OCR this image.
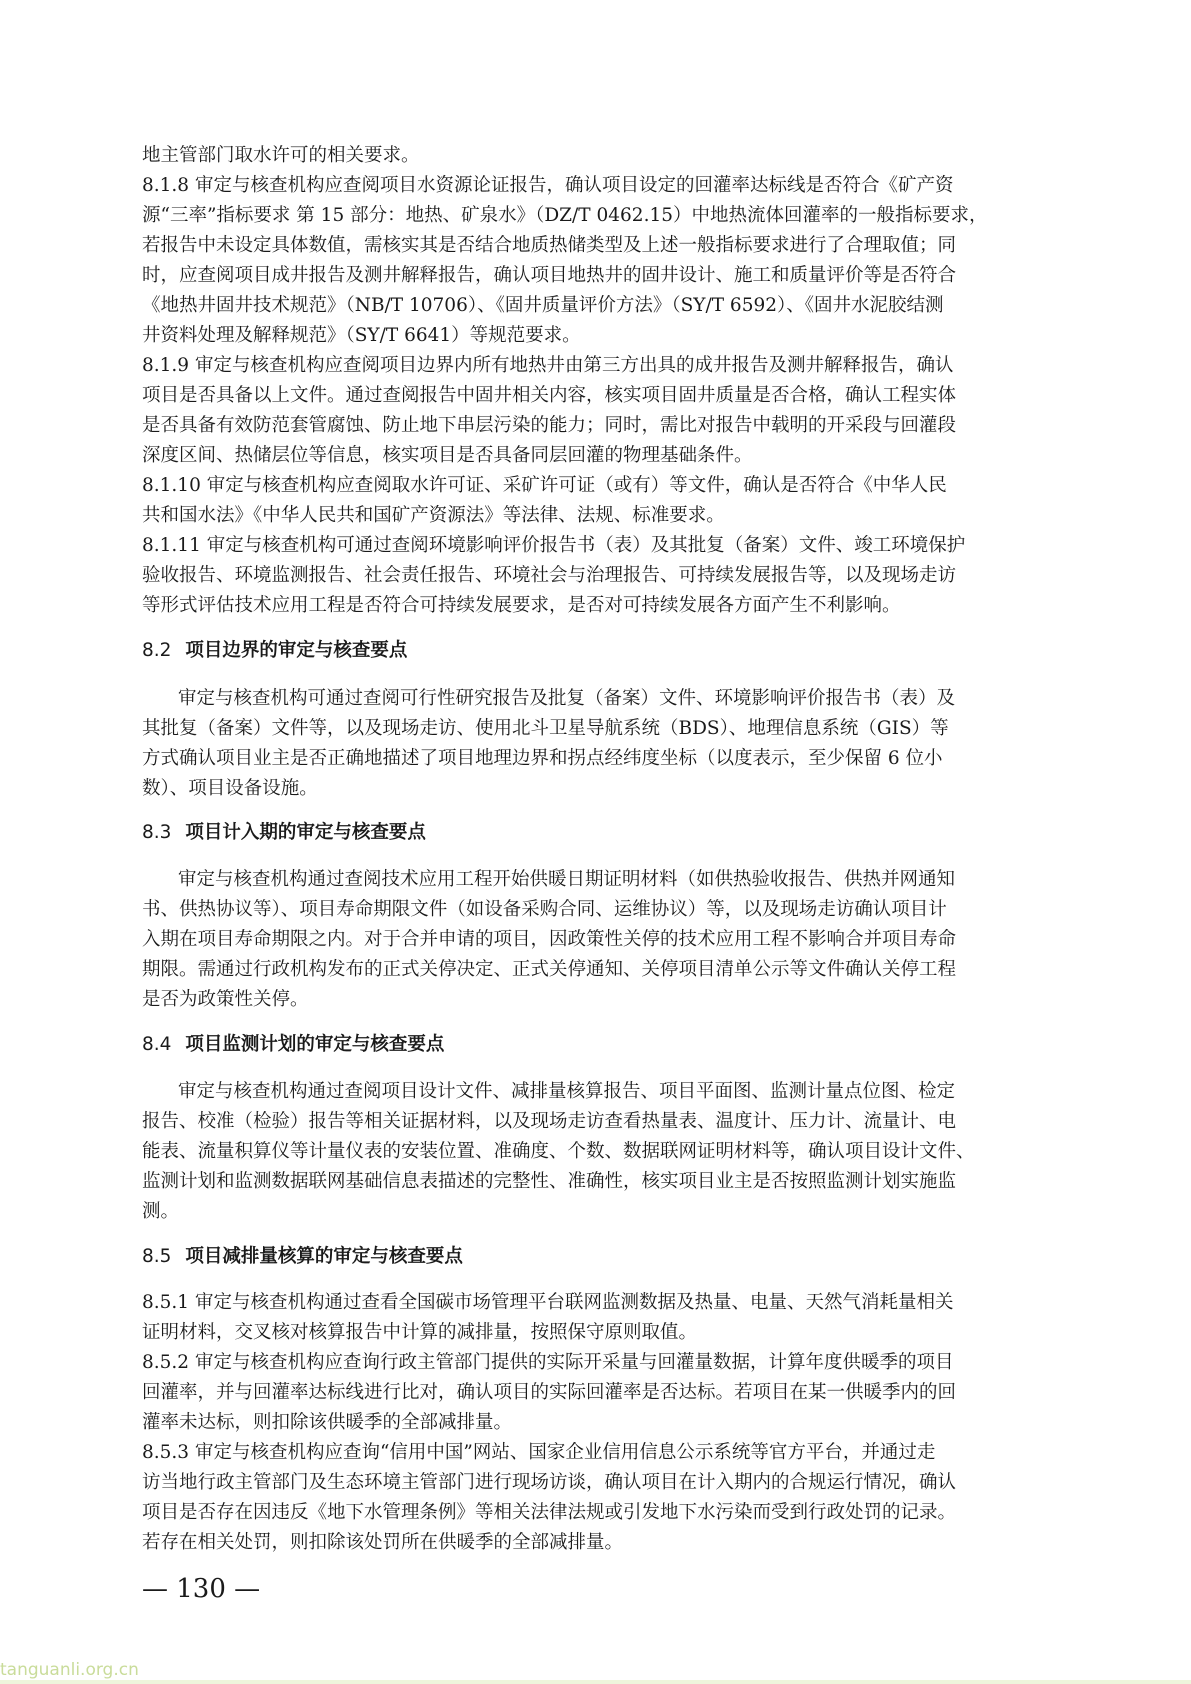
地主管部门取水许可的相关要求。
8.1.8 审定与核查机构应查阅项目水资源论证报告，确认项目设定的回灌率达标线是否符合《矿产资
源“三率”指标要求 第 15 部分：地热、矿泉水》（DZ/T 0462.15）中地热流体回灌率的一般指标要求，
若报告中未设定具体数值，需核实其是否结合地质热储类型及上述一般指标要求进行了合理取值；同
时，应查阅项目成井报告及测井解释报告，确认项目地热井的固井设计、施工和质量评价等是否符合
《地热井固井技术规范》（NB/T 10706）、《固井质量评价方法》（SY/T 6592）、《固井水泥胶结测
井资料处理及解释规范》（SY/T 6641）等规范要求。
8.1.9 审定与核查机构应查阅项目边界内所有地热井由第三方出具的成井报告及测井解释报告，确认
项目是否具备以上文件。通过查阅报告中固井相关内容，核实项目固井质量是否合格，确认工程实体
是否具备有效防范套管腐蚀、防止地下串层污染的能力；同时，需比对报告中载明的开采段与回灌段
深度区间、热储层位等信息，核实项目是否具备同层回灌的物理基础条件。
8.1.10 审定与核查机构应查阅取水许可证、采矿许可证（或有）等文件，确认是否符合《中华人民
共和国水法》《中华人民共和国矿产资源法》等法律、法规、标准要求。
8.1.11 审定与核查机构可通过查阅环境影响评价报告书（表）及其批复（备案）文件、竣工环境保护
验收报告、环境监测报告、社会责任报告、环境社会与治理报告、可持续发展报告等，以及现场走访
等形式评估技术应用工程是否符合可持续发展要求，是否对可持续发展各方面产生不利影响。
8.2 项目边界的审定与核查要点
审定与核查机构可通过查阅可行性研究报告及批复（备案）文件、环境影响评价报告书（表）及
其批复（备案）文件等，以及现场走访、使用北斗卫星导航系统（BDS）、地理信息系统（GIS）等
方式确认项目业主是否正确地描述了项目地理边界和拐点经纬度坐标（以度表示，至少保留 6 位小
数）、项目设备设施。
8.3 项目计入期的审定与核查要点
审定与核查机构通过查阅技术应用工程开始供暖日期证明材料（如供热验收报告、供热并网通知
书、供热协议等）、项目寿命期限文件（如设备采购合同、运维协议）等，以及现场走访确认项目计
入期在项目寿命期限之内。对于合并申请的项目，因政策性关停的技术应用工程不影响合并项目寿命
期限。需通过行政机构发布的正式关停决定、正式关停通知、关停项目清单公示等文件确认关停工程
是否为政策性关停。
8.4 项目监测计划的审定与核查要点
审定与核查机构通过查阅项目设计文件、减排量核算报告、项目平面图、监测计量点位图、检定
报告、校准（检验）报告等相关证据材料，以及现场走访查看热量表、温度计、压力计、流量计、电
能表、流量积算仪等计量仪表的安装位置、准确度、个数、数据联网证明材料等，确认项目设计文件、
监测计划和监测数据联网基础信息表描述的完整性、准确性，核实项目业主是否按照监测计划实施监
测。
8.5 项目减排量核算的审定与核查要点
8.5.1 审定与核查机构通过查看全国碳市场管理平台联网监测数据及热量、电量、天然气消耗量相关
证明材料，交叉核对核算报告中计算的减排量，按照保守原则取值。
8.5.2 审定与核查机构应查询行政主管部门提供的实际开采量与回灌量数据，计算年度供暖季的项目
回灌率，并与回灌率达标线进行比对，确认项目的实际回灌率是否达标。若项目在某一供暖季内的回
灌率未达标，则扣除该供暖季的全部减排量。
8.5.3 审定与核查机构应查询“信用中国”网站、国家企业信用信息公示系统等官方平台，并通过走
访当地行政主管部门及生态环境主管部门进行现场访谈，确认项目在计入期内的合规运行情况，确认
项目是否存在因违反《地下水管理条例》等相关法律法规或引发地下水污染而受到行政处罚的记录。
若存在相关处罚，则扣除该处罚所在供暖季的全部减排量。
— 130 —
tanguanli.org.cn
